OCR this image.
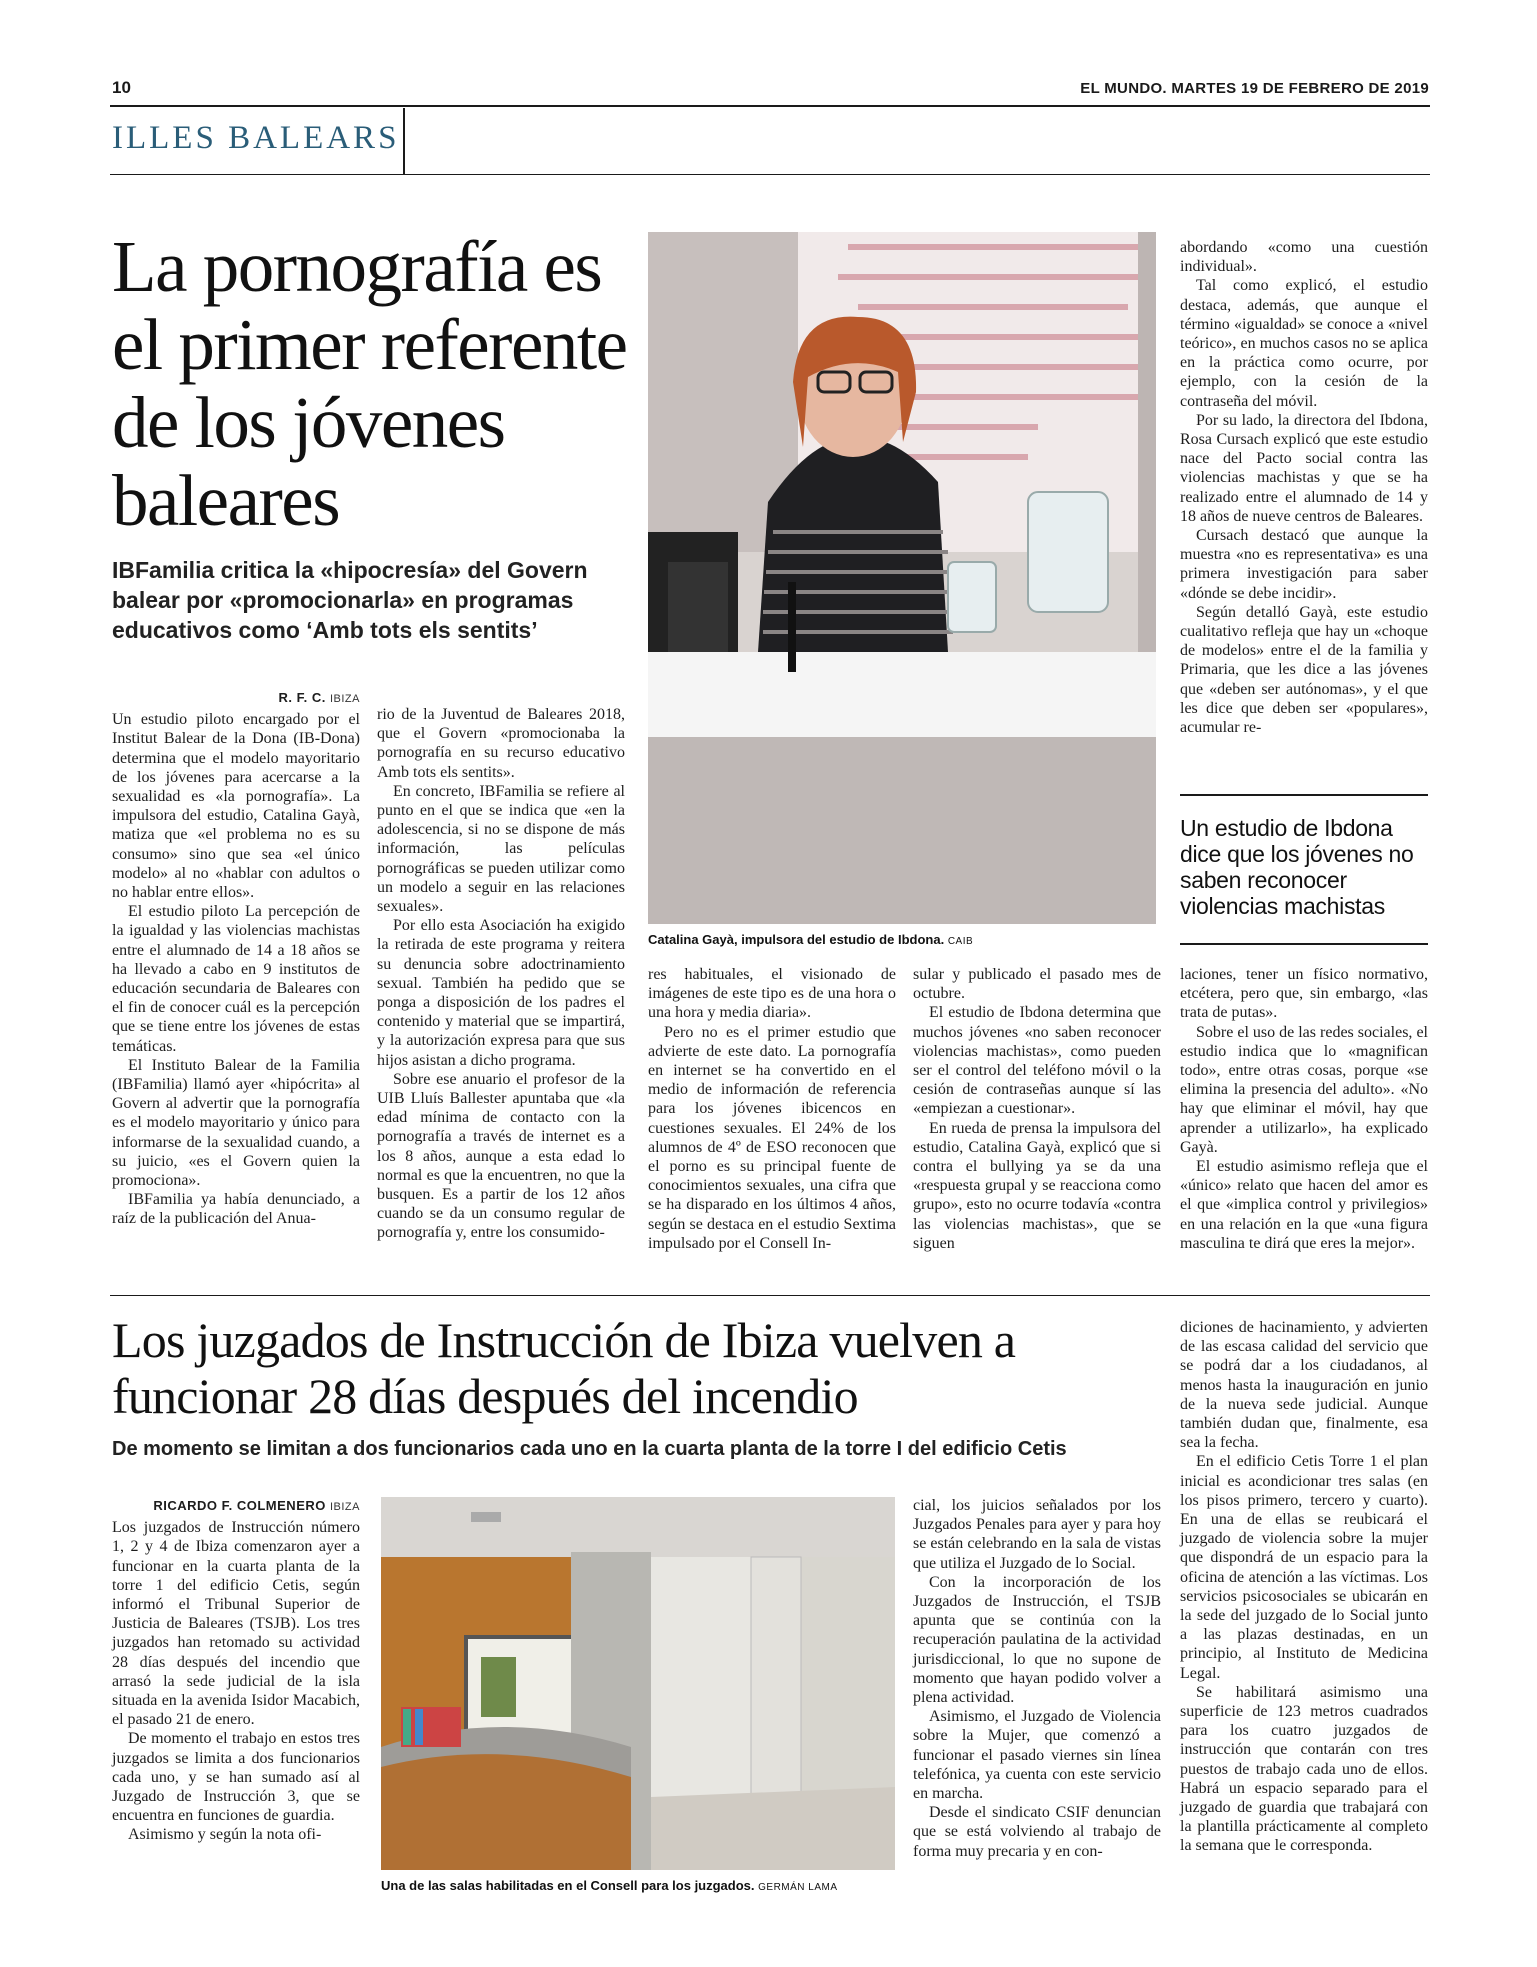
10	EL MUNDO. MARTES 19 DE FEBRERO DE 2019
ILLES BALEARS
La pornografía es el primer referente de los jóvenes baleares
IBFamilia critica la «hipocresía» del Govern balear por «promocionarla» en programas educativos como ‘Amb tots els sentits’
Catalina Gayà, impulsora del estudio de Ibdona. CAIB
R. F. C. IBIZA

Un estudio piloto encargado por el Institut Balear de la Dona (IB-Dona) determina que el modelo mayoritario de los jóvenes para acercarse a la sexualidad es «la pornografía». La impulsora del estudio, Catalina Gayà, matiza que «el problema no es su consumo» sino que sea «el único modelo» al no «hablar con adultos o no hablar entre ellos».

El estudio piloto La percepción de la igualdad y las violencias machistas entre el alumnado de 14 a 18 años se ha llevado a cabo en 9 institutos de educación secundaria de Baleares con el fin de conocer cuál es la percepción que se tiene entre los jóvenes de estas temáticas.

El Instituto Balear de la Familia (IBFamilia) llamó ayer «hipócrita» al Govern al advertir que la pornografía es el modelo mayoritario y único para informarse de la sexualidad cuando, a su juicio, «es el Govern quien la promociona».

IBFamilia ya había denunciado, a raíz de la publicación del Anua-

rio de la Juventud de Baleares 2018, que el Govern «promocionaba la pornografía en su recurso educativo Amb tots els sentits».

En concreto, IBFamilia se refiere al punto en el que se indica que «en la adolescencia, si no se dispone de más información, las películas pornográficas se pueden utilizar como un modelo a seguir en las relaciones sexuales».

Por ello esta Asociación ha exigido la retirada de este programa y reitera su denuncia sobre adoctrinamiento sexual. También ha pedido que se ponga a disposición de los padres el contenido y material que se impartirá, y la autorización expresa para que sus hijos asistan a dicho programa.

Sobre ese anuario el profesor de la UIB Lluís Ballester apuntaba que «la edad mínima de contacto con la pornografía a través de internet es a los 8 años, aunque a esta edad lo normal es que la encuentren, no que la busquen. Es a partir de los 12 años cuando se da un consumo regular de pornografía y, entre los consumido-

res habituales, el visionado de imágenes de este tipo es de una hora o una hora y media diaria».

Pero no es el primer estudio que advierte de este dato. La pornografía en internet se ha convertido en el medio de información de referencia para los jóvenes ibicencos en cuestiones sexuales. El 24% de los alumnos de 4º de ESO reconocen que el porno es su principal fuente de conocimientos sexuales, una cifra que se ha disparado en los últimos 4 años, según se destaca en el estudio Sextima impulsado por el Consell In-

sular y publicado el pasado mes de octubre.

El estudio de Ibdona determina que muchos jóvenes «no saben reconocer violencias machistas», como pueden ser el control del teléfono móvil o la cesión de contraseñas aunque sí las «empiezan a cuestionar».

En rueda de prensa la impulsora del estudio, Catalina Gayà, explicó que si contra el bullying ya se da una «respuesta grupal y se reacciona como grupo», esto no ocurre todavía «contra las violencias machistas», que se siguen

abordando «como una cuestión individual».

Tal como explicó, el estudio destaca, además, que aunque el término «igualdad» se conoce a «nivel teórico», en muchos casos no se aplica en la práctica como ocurre, por ejemplo, con la cesión de la contraseña del móvil.

Por su lado, la directora del Ibdona, Rosa Cursach explicó que este estudio nace del Pacto social contra las violencias machistas y que se ha realizado entre el alumnado de 14 y 18 años de nueve centros de Baleares.

Cursach destacó que aunque la muestra «no es representativa» es una primera investigación para saber «dónde se debe incidir».

Según detalló Gayà, este estudio cualitativo refleja que hay un «choque de modelos» entre el de la familia y Primaria, que les dice a las jóvenes que «deben ser autónomas», y el que les dice que deben ser «populares», acumular re-

Un estudio de Ibdona dice que los jóvenes no saben reconocer violencias machistas

laciones, tener un físico normativo, etcétera, pero que, sin embargo, «las trata de putas».

Sobre el uso de las redes sociales, el estudio indica que lo «magnifican todo», entre otras cosas, porque «se elimina la presencia del adulto». «No hay que eliminar el móvil, hay que aprender a utilizarlo», ha explicado Gayà.

El estudio asimismo refleja que el «único» relato que hacen del amor es el que «implica control y privilegios» en una relación en la que «una figura masculina te dirá que eres la mejor».

Los juzgados de Instrucción de Ibiza vuelven a funcionar 28 días después del incendio
De momento se limitan a dos funcionarios cada uno en la cuarta planta de la torre I del edificio Cetis
RICARDO F. COLMENERO IBIZA

Los juzgados de Instrucción número 1, 2 y 4 de Ibiza comenzaron ayer a funcionar en la cuarta planta de la torre 1 del edificio Cetis, según informó el Tribunal Superior de Justicia de Baleares (TSJB). Los tres juzgados han retomado su actividad 28 días después del incendio que arrasó la sede judicial de la isla situada en la avenida Isidor Macabich, el pasado 21 de enero.

De momento el trabajo en estos tres juzgados se limita a dos funcionarios cada uno, y se han sumado así al Juzgado de Instrucción 3, que se encuentra en funciones de guardia.

Asimismo y según la nota ofi-

Una de las salas habilitadas en el Consell para los juzgados. GERMÁN LAMA

cial, los juicios señalados por los Juzgados Penales para ayer y para hoy se están celebrando en la sala de vistas que utiliza el Juzgado de lo Social.

Con la incorporación de los Juzgados de Instrucción, el TSJB apunta que se continúa con la recuperación paulatina de la actividad jurisdiccional, lo que no supone de momento que hayan podido volver a plena actividad.

Asimismo, el Juzgado de Violencia sobre la Mujer, que comenzó a funcionar el pasado viernes sin línea telefónica, ya cuenta con este servicio en marcha.

Desde el sindicato CSIF denuncian que se está volviendo al trabajo de forma muy precaria y en con-

diciones de hacinamiento, y advierten de las escasa calidad del servicio que se podrá dar a los ciudadanos, al menos hasta la inauguración en junio de la nueva sede judicial. Aunque también dudan que, finalmente, esa sea la fecha.

En el edificio Cetis Torre 1 el plan inicial es acondicionar tres salas (en los pisos primero, tercero y cuarto). En una de ellas se reubicará el juzgado de violencia sobre la mujer que dispondrá de un espacio para la oficina de atención a las víctimas. Los servicios psicosociales se ubicarán en la sede del juzgado de lo Social junto a las plazas destinadas, en un principio, al Instituto de Medicina Legal.

Se habilitará asimismo una superficie de 123 metros cuadrados para los cuatro juzgados de instrucción que contarán con tres puestos de trabajo cada uno de ellos. Habrá un espacio separado para el juzgado de guardia que trabajará con la plantilla prácticamente al completo la semana que le corresponda.
